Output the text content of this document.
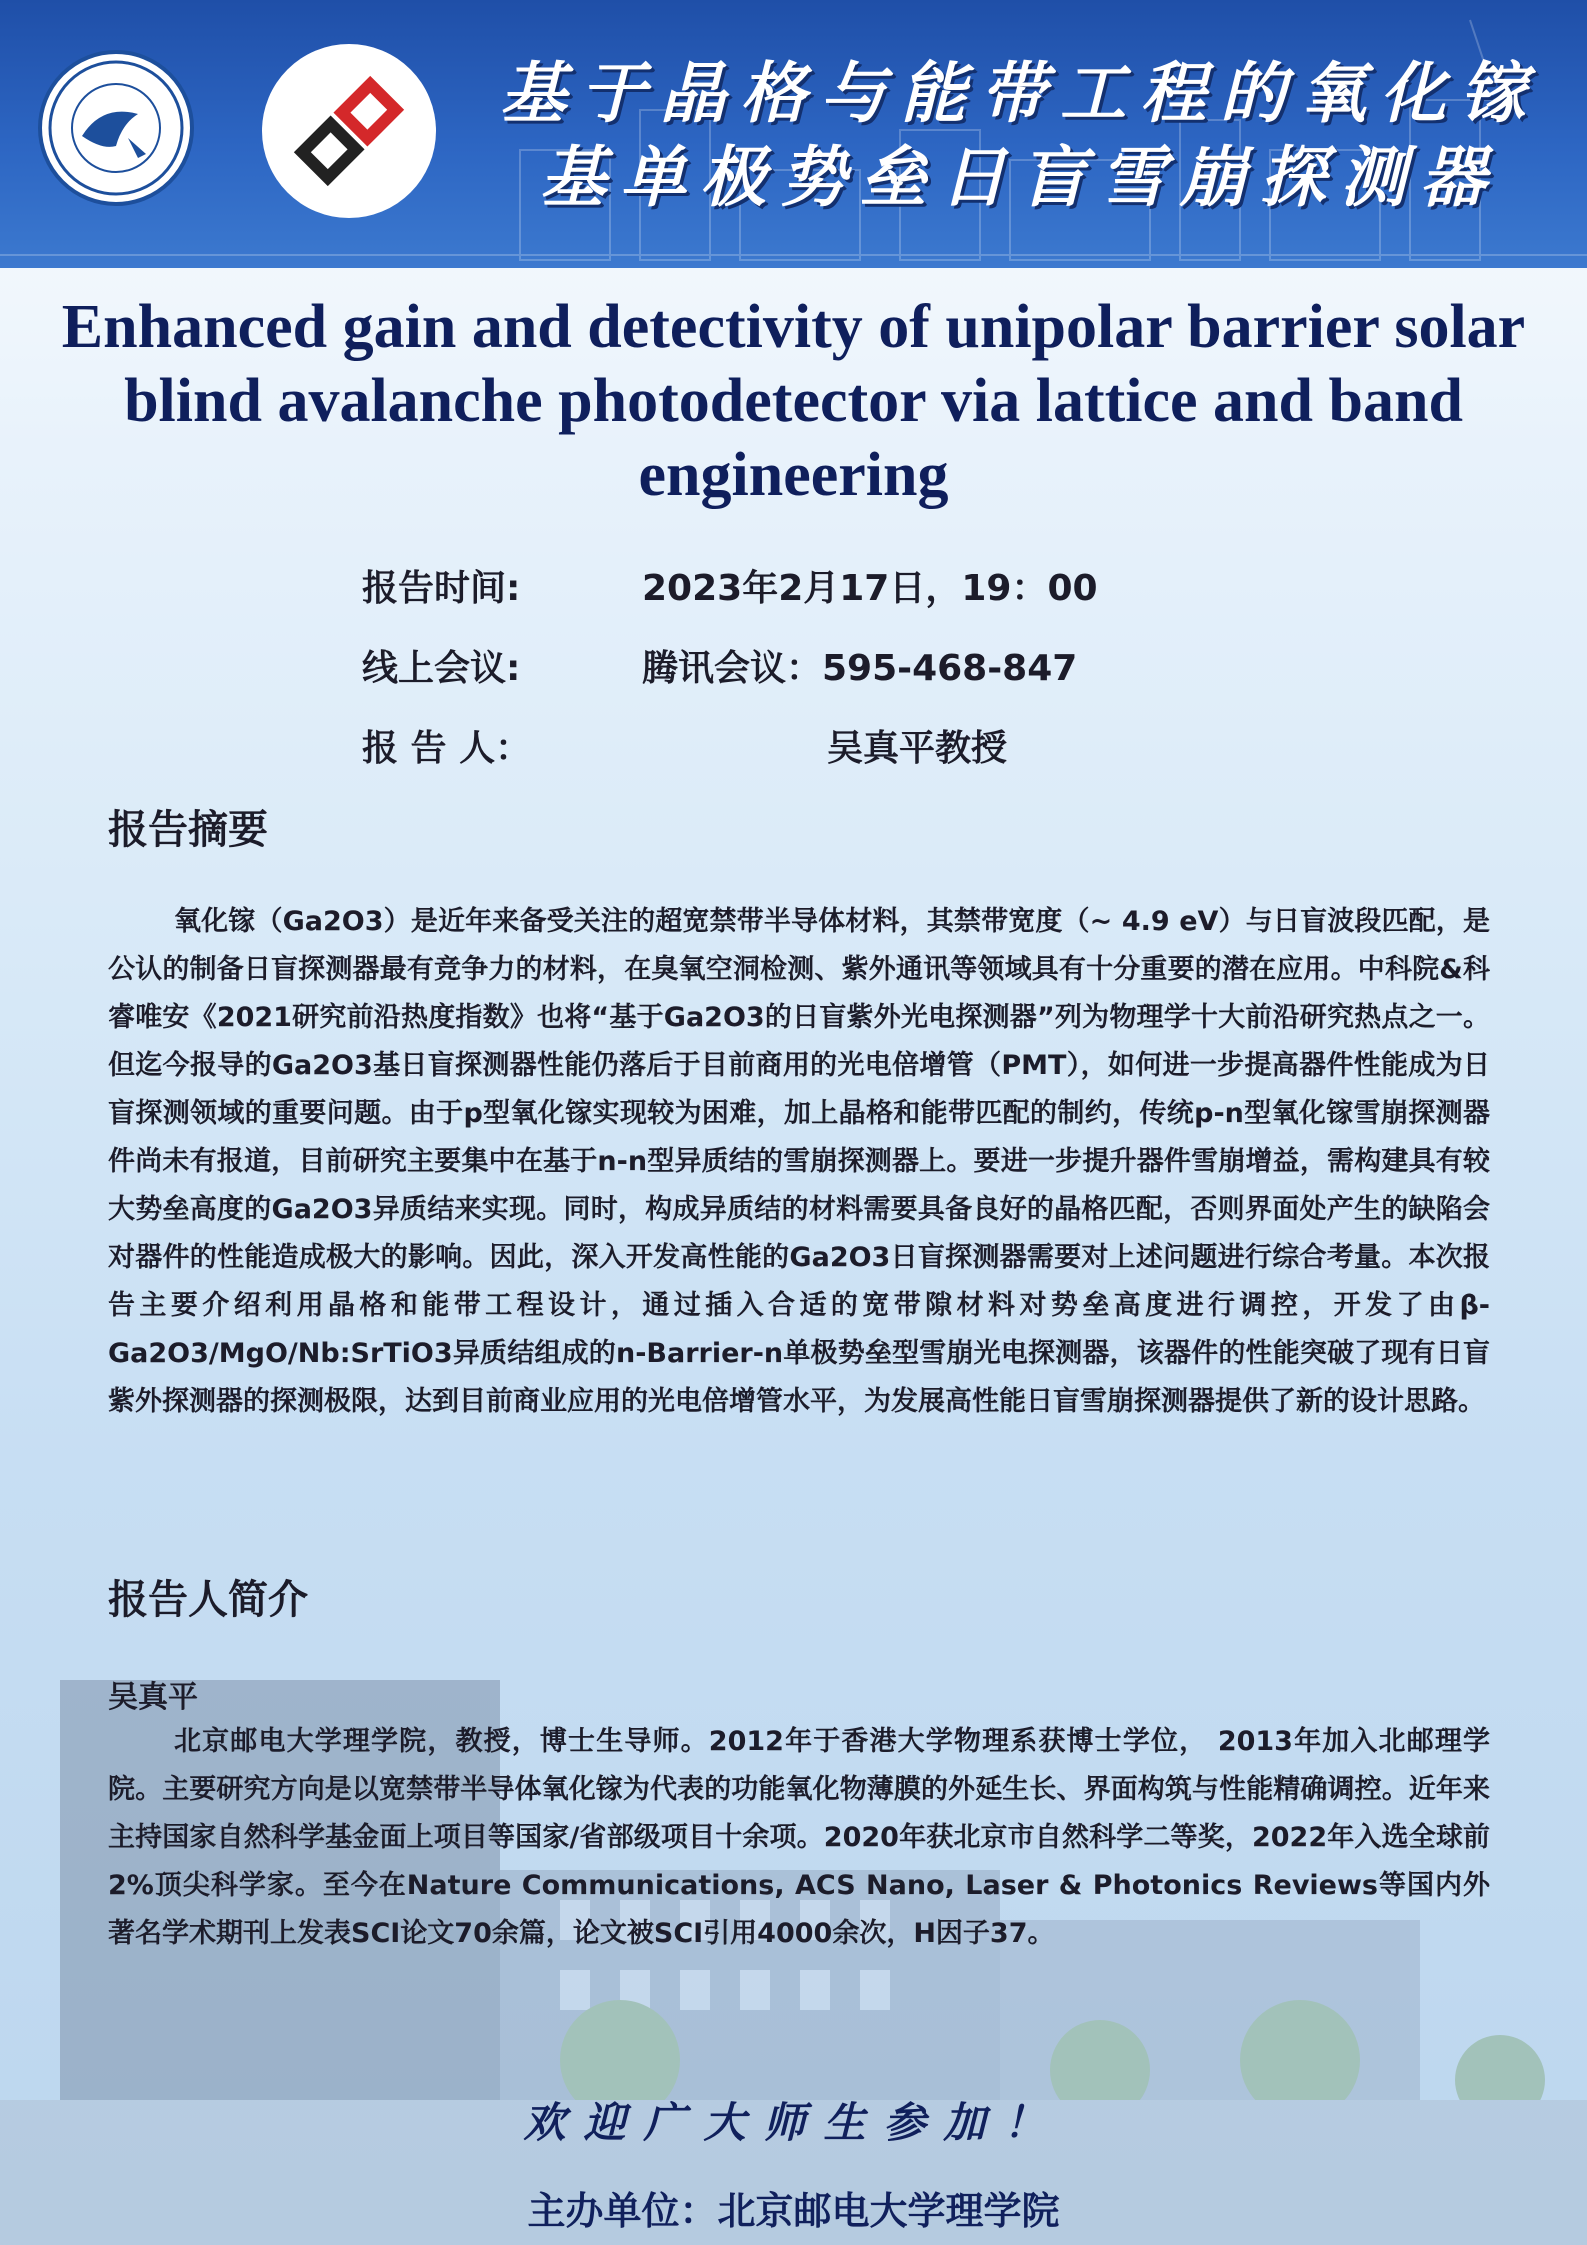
基于晶格与能带工程的氧化镓
基单极势垒日盲雪崩探测器
Enhanced gain and detectivity of unipolar barrier solar blind avalanche photodetector via lattice and band engineering
报告时间:	2023年2月17日，19：00
线上会议:	腾讯会议：595-468-847
报 告 人：	吴真平教授
报告摘要
氧化镓（Ga2O3）是近年来备受关注的超宽禁带半导体材料，其禁带宽度（~ 4.9 eV）与日盲波段匹配，是公认的制备日盲探测器最有竞争力的材料，在臭氧空洞检测、紫外通讯等领域具有十分重要的潜在应用。中科院&科睿唯安《2021研究前沿热度指数》也将“基于Ga2O3的日盲紫外光电探测器”列为物理学十大前沿研究热点之一。但迄今报导的Ga2O3基日盲探测器性能仍落后于目前商用的光电倍增管（PMT），如何进一步提高器件性能成为日盲探测领域的重要问题。由于p型氧化镓实现较为困难，加上晶格和能带匹配的制约，传统p-n型氧化镓雪崩探测器件尚未有报道，目前研究主要集中在基于n-n型异质结的雪崩探测器上。要进一步提升器件雪崩增益，需构建具有较大势垒高度的Ga2O3异质结来实现。同时，构成异质结的材料需要具备良好的晶格匹配，否则界面处产生的缺陷会对器件的性能造成极大的影响。因此，深入开发高性能的Ga2O3日盲探测器需要对上述问题进行综合考量。本次报告主要介绍利用晶格和能带工程设计，通过插入合适的宽带隙材料对势垒高度进行调控，开发了由β-Ga2O3/MgO/Nb:SrTiO3异质结组成的n-Barrier-n单极势垒型雪崩光电探测器，该器件的性能突破了现有日盲紫外探测器的探测极限，达到目前商业应用的光电倍增管水平，为发展高性能日盲雪崩探测器提供了新的设计思路。
报告人简介
吴真平
北京邮电大学理学院，教授，博士生导师。2012年于香港大学物理系获博士学位， 2013年加入北邮理学院。主要研究方向是以宽禁带半导体氧化镓为代表的功能氧化物薄膜的外延生长、界面构筑与性能精确调控。近年来主持国家自然科学基金面上项目等国家/省部级项目十余项。2020年获北京市自然科学二等奖，2022年入选全球前2%顶尖科学家。至今在Nature Communications, ACS Nano, Laser & Photonics Reviews等国内外著名学术期刊上发表SCI论文70余篇，论文被SCI引用4000余次，H因子37。
欢迎广大师生参加！
主办单位：北京邮电大学理学院
